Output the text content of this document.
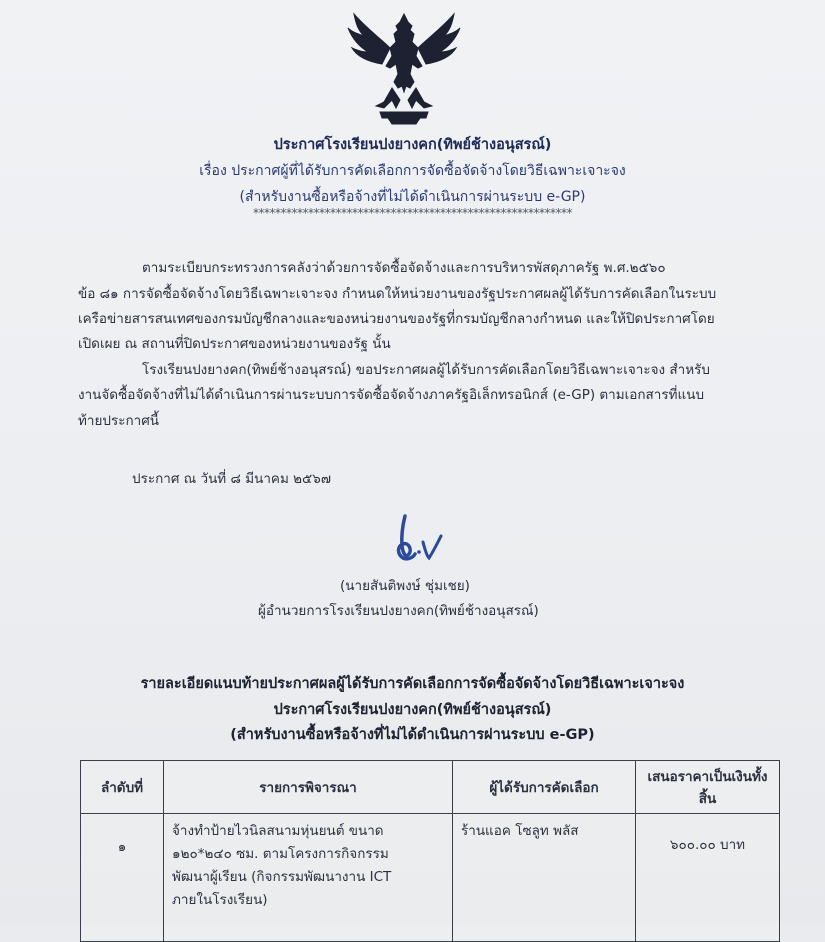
ประกาศโรงเรียนปงยางคก(ทิพย์ช้างอนุสรณ์)
เรื่อง ประกาศผู้ที่ได้รับการคัดเลือกการจัดซื้อจัดจ้างโดยวิธีเฉพาะเจาะจง
(สำหรับงานซื้อหรือจ้างที่ไม่ได้ดำเนินการผ่านระบบ e-GP)
**********************************************************
ตามระเบียบกระทรวงการคลังว่าด้วยการจัดซื้อจัดจ้างและการบริหารพัสดุภาครัฐ พ.ศ.๒๕๖๐
ข้อ ๘๑ การจัดซื้อจัดจ้างโดยวิธีเฉพาะเจาะจง กำหนดให้หน่วยงานของรัฐประกาศผลผู้ได้รับการคัดเลือกในระบบ
เครือข่ายสารสนเทศของกรมบัญชีกลางและของหน่วยงานของรัฐที่กรมบัญชีกลางกำหนด และให้ปิดประกาศโดย
เปิดเผย ณ สถานที่ปิดประกาศของหน่วยงานของรัฐ นั้น
โรงเรียนปงยางคก(ทิพย์ช้างอนุสรณ์) ขอประกาศผลผู้ได้รับการคัดเลือกโดยวิธีเฉพาะเจาะจง สำหรับ
งานจัดซื้อจัดจ้างที่ไม่ได้ดำเนินการผ่านระบบการจัดซื้อจัดจ้างภาครัฐอิเล็กทรอนิกส์ (e-GP) ตามเอกสารที่แนบ
ท้ายประกาศนี้
ประกาศ ณ วันที่ ๘ มีนาคม ๒๕๖๗
(นายสันติพงษ์ ชุ่มเชย)
ผู้อำนวยการโรงเรียนปงยางคก(ทิพย์ช้างอนุสรณ์)
รายละเอียดแนบท้ายประกาศผลผู้ได้รับการคัดเลือกการจัดซื้อจัดจ้างโดยวิธีเฉพาะเจาะจง
ประกาศโรงเรียนปงยางคก(ทิพย์ช้างอนุสรณ์)
(สำหรับงานซื้อหรือจ้างที่ไม่ได้ดำเนินการผ่านระบบ e-GP)
ลำดับที่	รายการพิจารณา	ผู้ได้รับการคัดเลือก	เสนอราคาเป็นเงินทั้งสิ้น
๑	จ้างทำป้ายไวนิลสนามหุ่นยนต์ ขนาด
๑๒๐*๒๔๐ ซม. ตามโครงการกิจกรรม
พัฒนาผู้เรียน (กิจกรรมพัฒนางาน ICT
ภายในโรงเรียน)	ร้านแอค โซลูท พลัส	๖๐๐.๐๐ บาท
